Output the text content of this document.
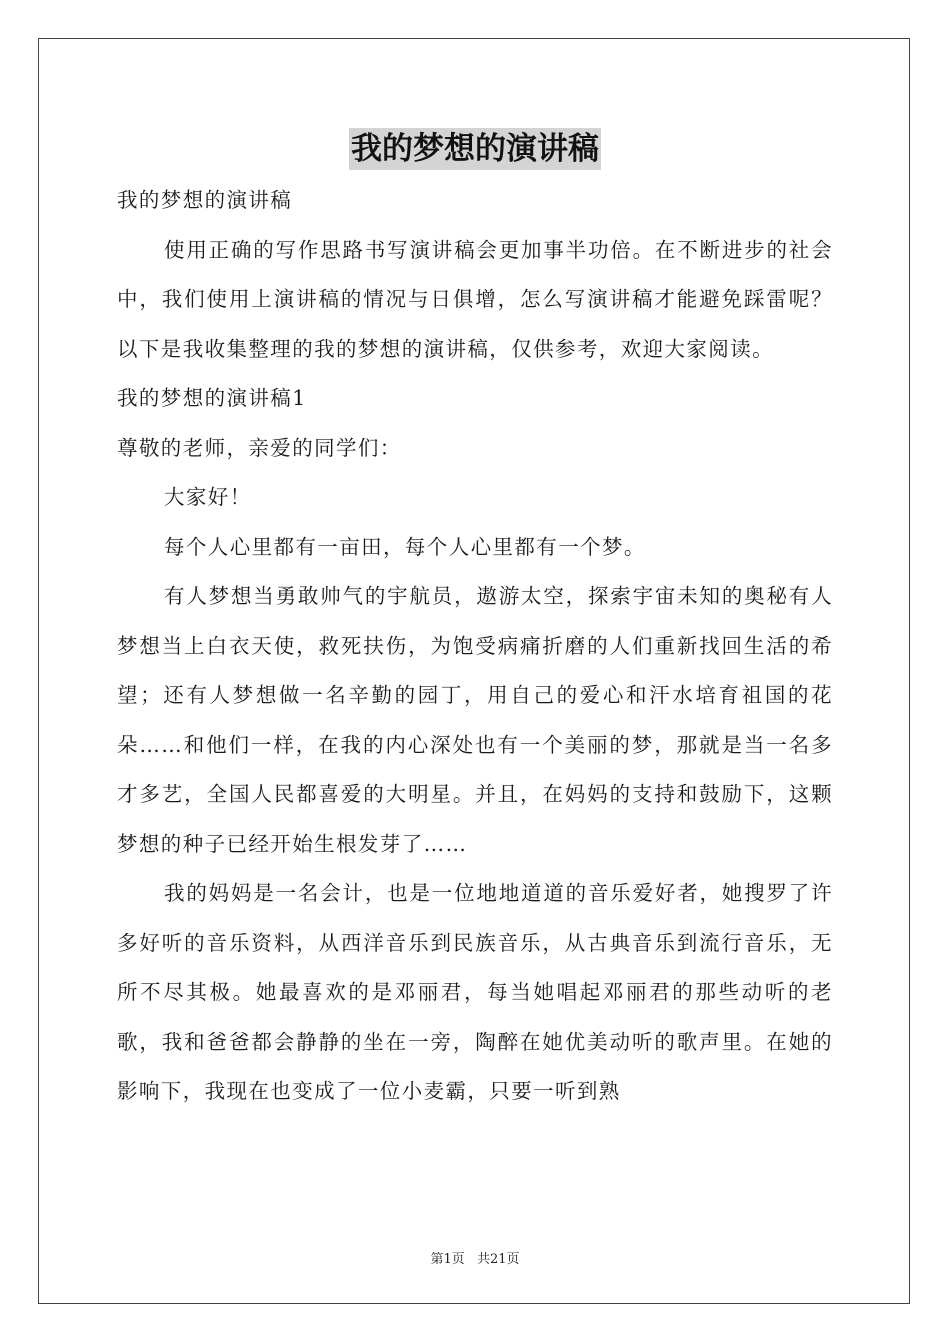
我的梦想的演讲稿

我的梦想的演讲稿

使用正确的写作思路书写演讲稿会更加事半功倍。在不断进步的社会中，我们使用上演讲稿的情况与日俱增，怎么写演讲稿才能避免踩雷呢？以下是我收集整理的我的梦想的演讲稿，仅供参考，欢迎大家阅读。

我的梦想的演讲稿1

尊敬的老师，亲爱的同学们：

大家好！

每个人心里都有一亩田，每个人心里都有一个梦。

有人梦想当勇敢帅气的宇航员，遨游太空，探索宇宙未知的奥秘有人梦想当上白衣天使，救死扶伤，为饱受病痛折磨的人们重新找回生活的希望；还有人梦想做一名辛勤的园丁，用自己的爱心和汗水培育祖国的花朵……和他们一样，在我的内心深处也有一个美丽的梦，那就是当一名多才多艺，全国人民都喜爱的大明星。并且，在妈妈的支持和鼓励下，这颗梦想的种子已经开始生根发芽了……

我的妈妈是一名会计，也是一位地地道道的音乐爱好者，她搜罗了许多好听的音乐资料，从西洋音乐到民族音乐，从古典音乐到流行音乐，无所不尽其极。她最喜欢的是邓丽君，每当她唱起邓丽君的那些动听的老歌，我和爸爸都会静静的坐在一旁，陶醉在她优美动听的歌声里。在她的影响下，我现在也变成了一位小麦霸，只要一听到熟

第1页 共21页
